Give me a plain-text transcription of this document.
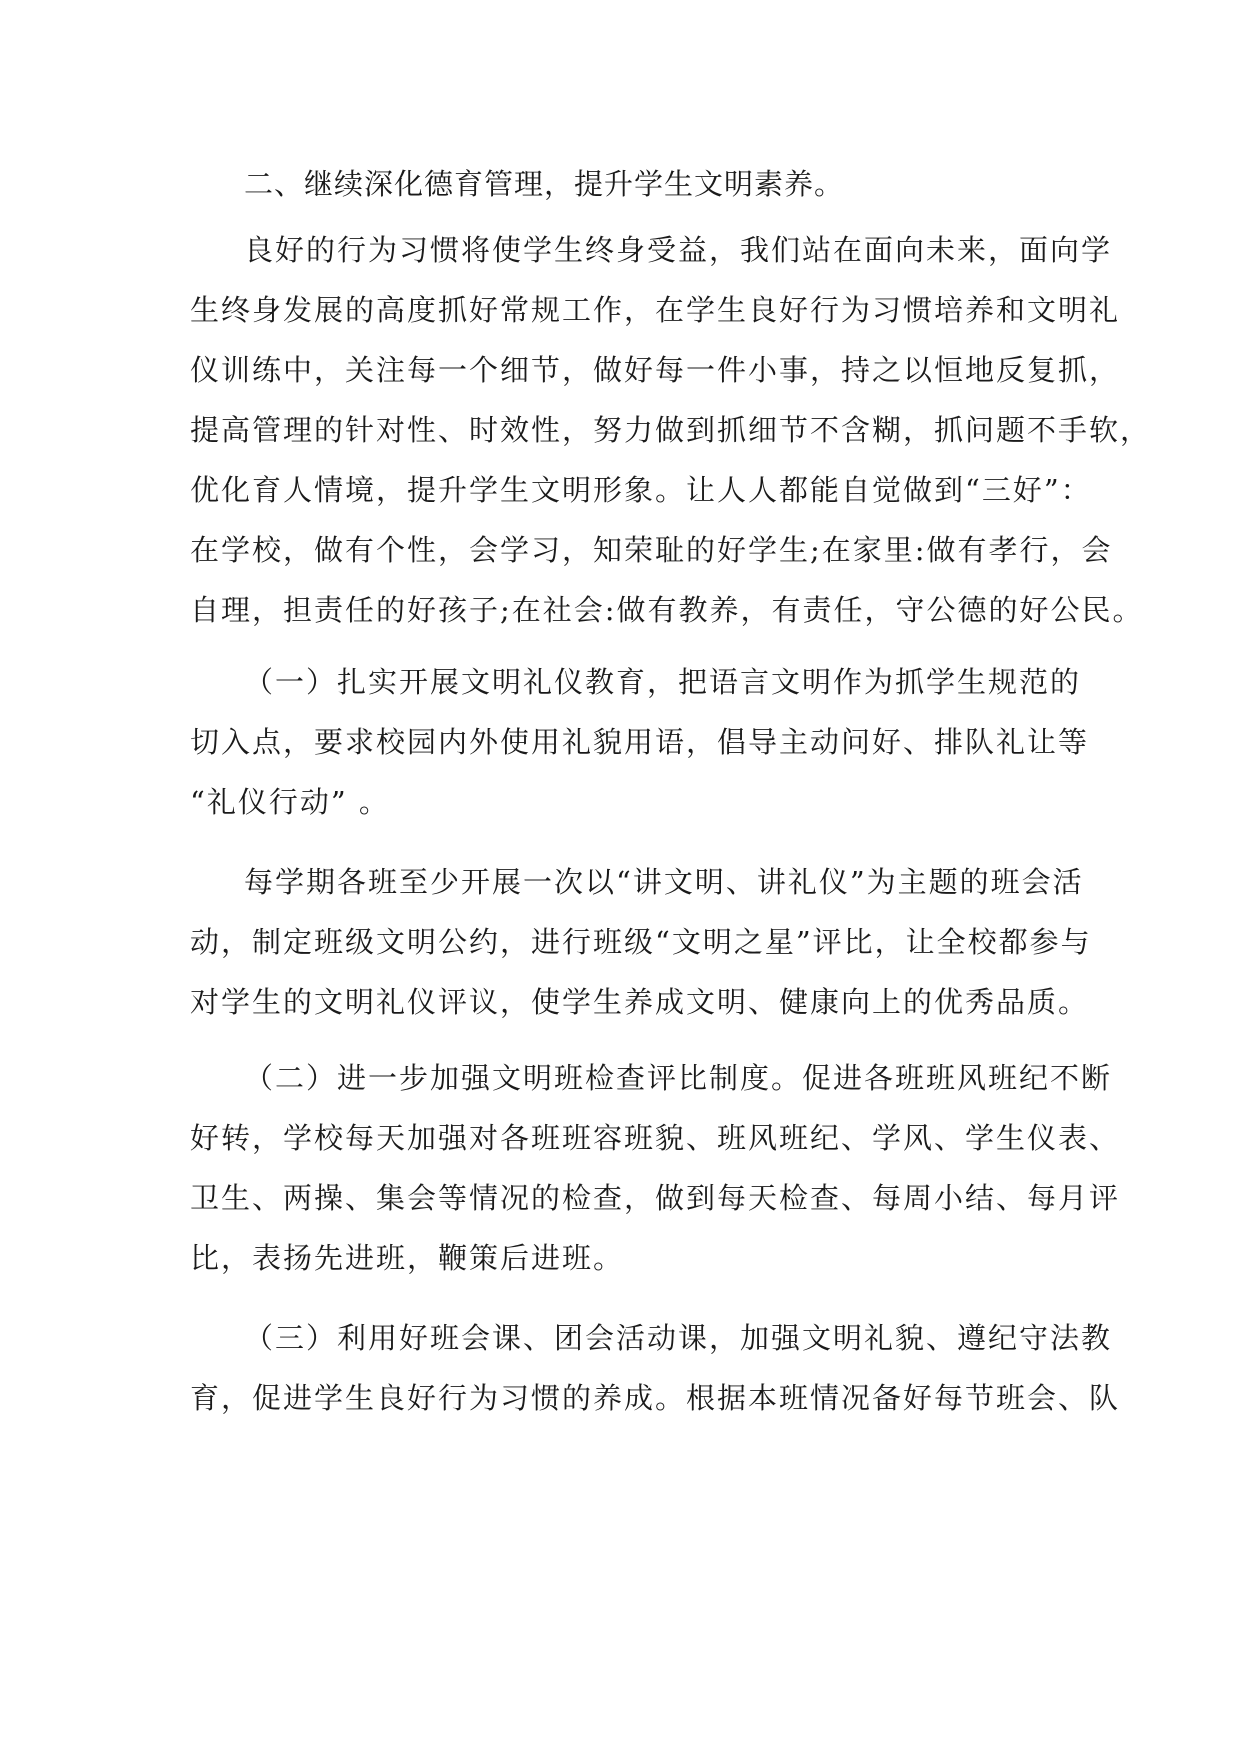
二、继续深化德育管理，提升学生文明素养。
良好的行为习惯将使学生终身受益，我们站在面向未来，面向学
生终身发展的高度抓好常规工作，在学生良好行为习惯培养和文明礼
仪训练中，关注每一个细节，做好每一件小事，持之以恒地反复抓，
提高管理的针对性、时效性，努力做到抓细节不含糊，抓问题不手软，
优化育人情境，提升学生文明形象。让人人都能自觉做到“三好”：
在学校，做有个性，会学习，知荣耻的好学生;在家里:做有孝行，会
自理，担责任的好孩子;在社会:做有教养，有责任，守公德的好公民。
（一）扎实开展文明礼仪教育，把语言文明作为抓学生规范的
切入点，要求校园内外使用礼貌用语，倡导主动问好、排队礼让等
“礼仪行动” 。
每学期各班至少开展一次以“讲文明、讲礼仪”为主题的班会活
动，制定班级文明公约，进行班级“文明之星”评比，让全校都参与
对学生的文明礼仪评议，使学生养成文明、健康向上的优秀品质。
（二）进一步加强文明班检查评比制度。促进各班班风班纪不断
好转，学校每天加强对各班班容班貌、班风班纪、学风、学生仪表、
卫生、两操、集会等情况的检查，做到每天检查、每周小结、每月评
比，表扬先进班，鞭策后进班。
（三）利用好班会课、团会活动课，加强文明礼貌、遵纪守法教
育，促进学生良好行为习惯的养成。根据本班情况备好每节班会、队
